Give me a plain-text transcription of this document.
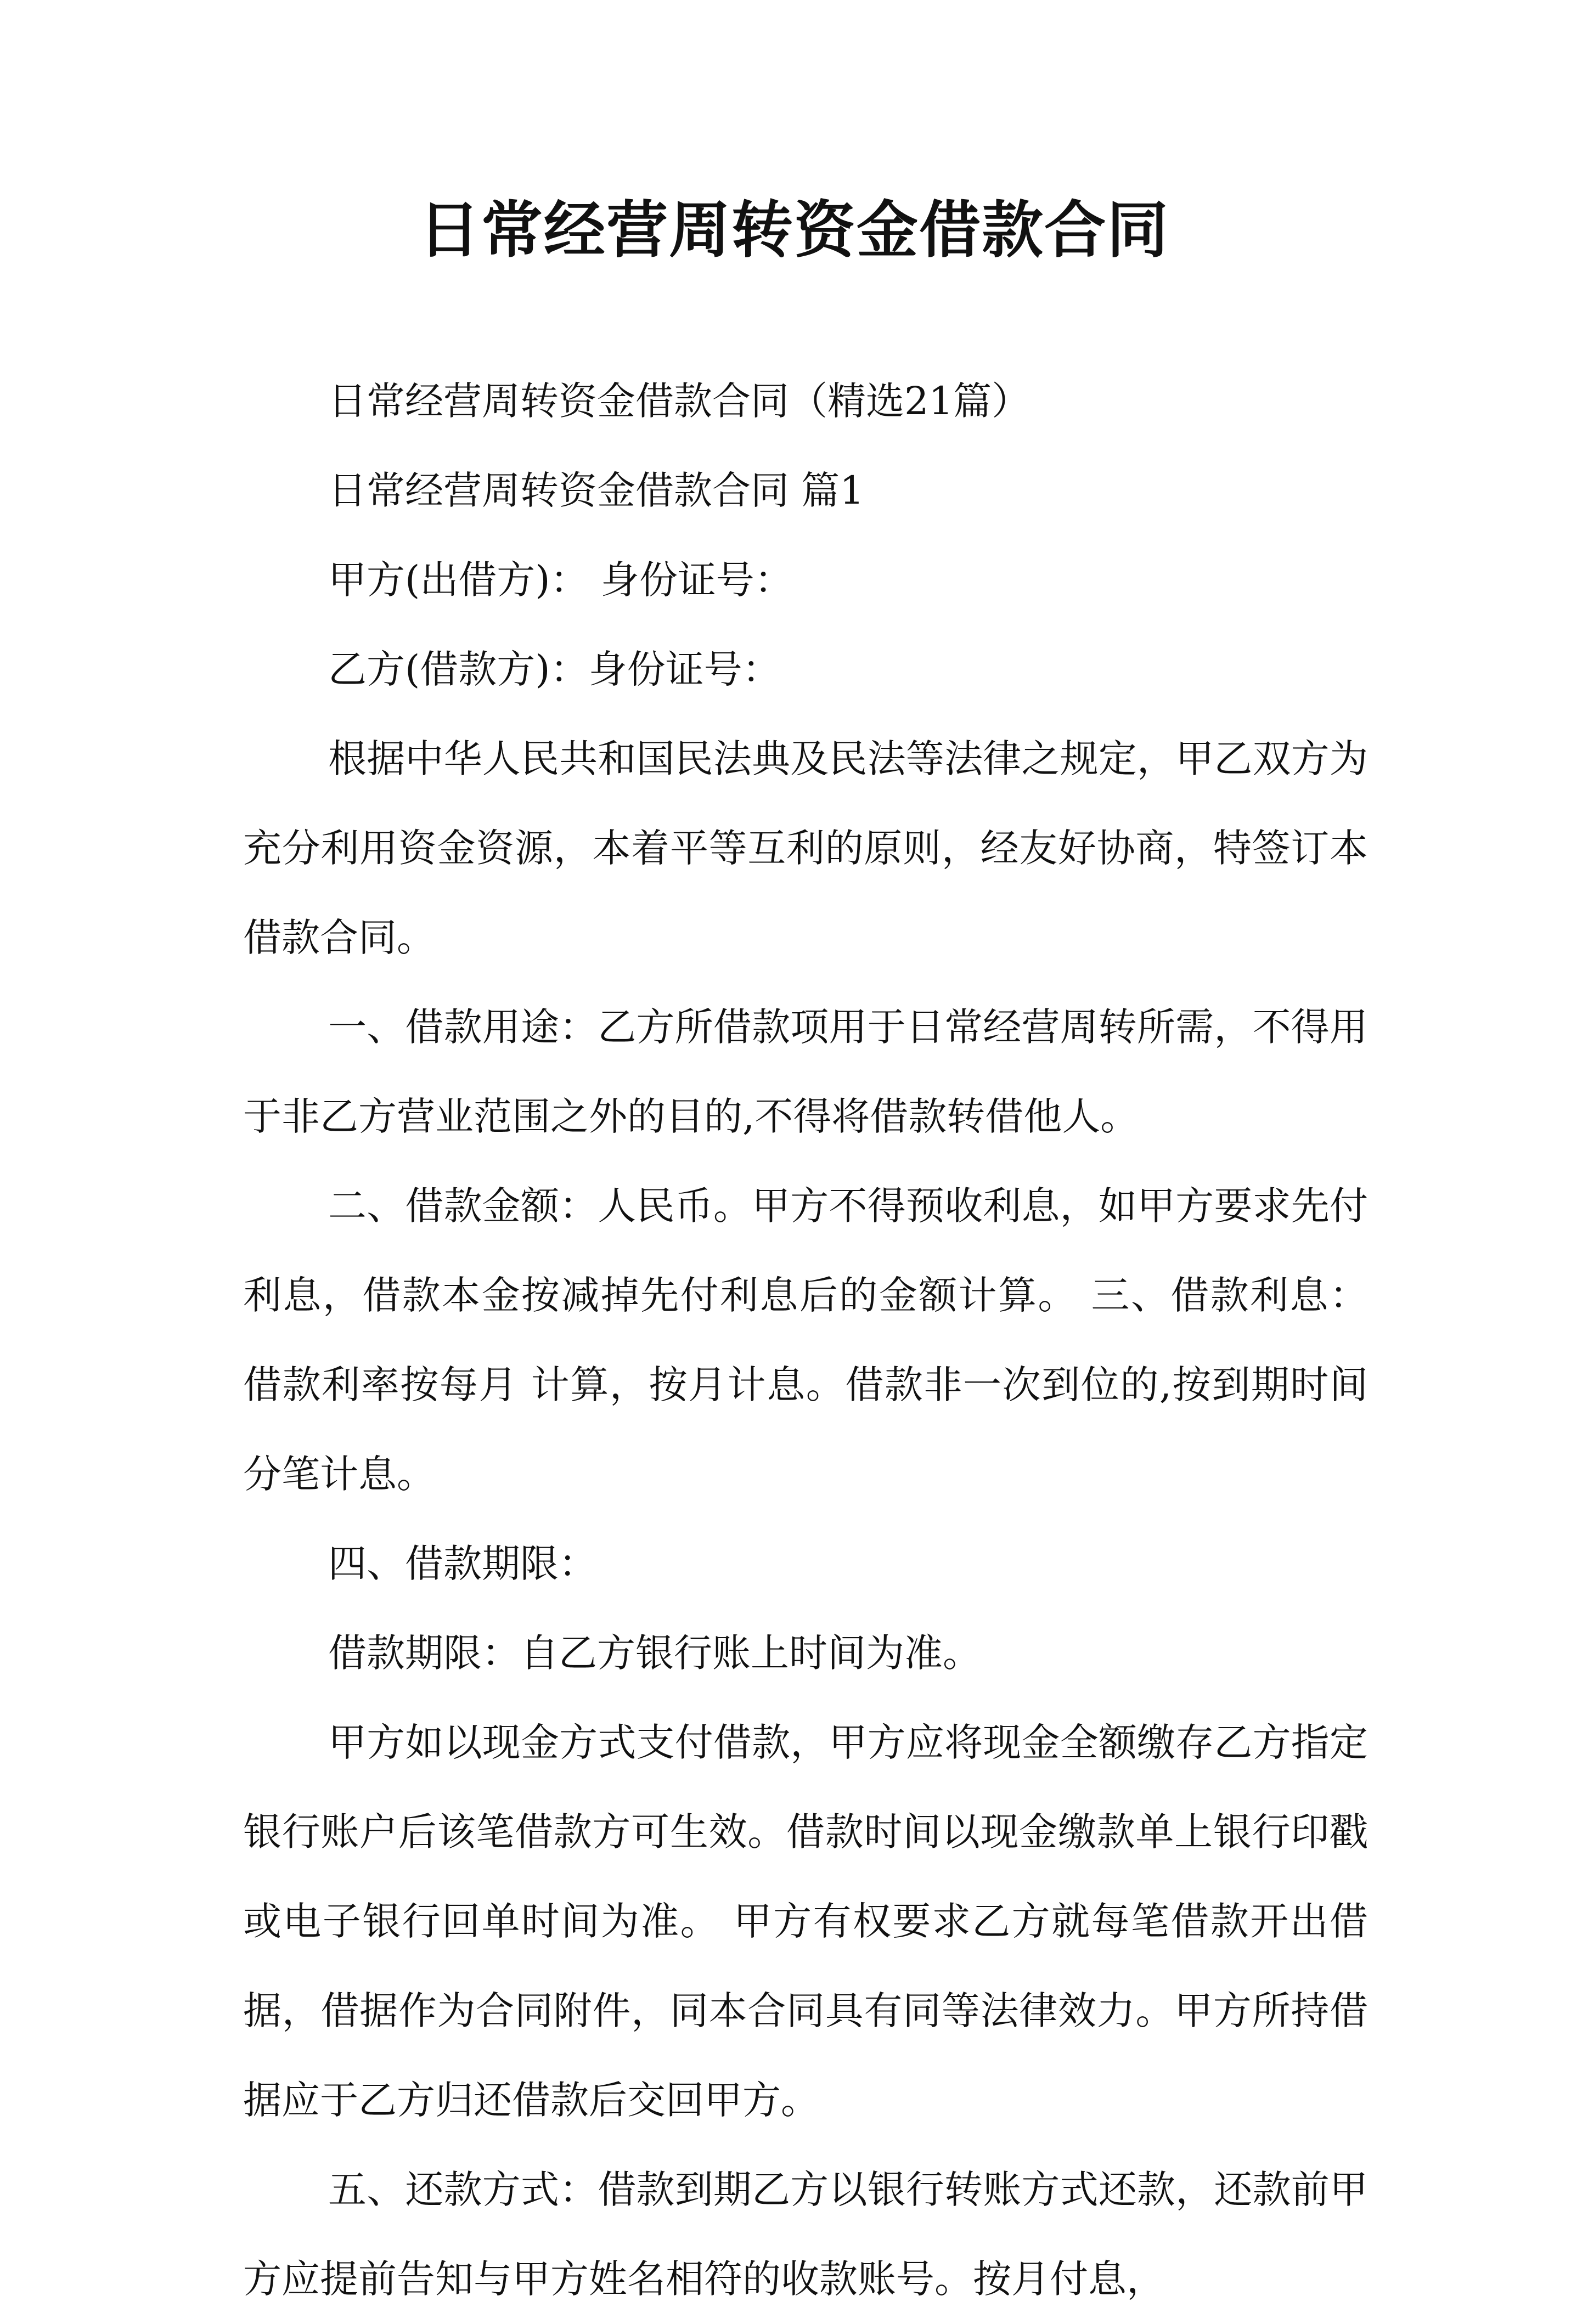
日常经营周转资金借款合同

日常经营周转资金借款合同（精选21篇）

日常经营周转资金借款合同 篇1

甲方(出借方)： 身份证号：

乙方(借款方)：身份证号：

根据中华人民共和国民法典及民法等法律之规定，甲乙双方为充分利用资金资源，本着平等互利的原则，经友好协商，特签订本借款合同。

一、借款用途：乙方所借款项用于日常经营周转所需，不得用于非乙方营业范围之外的目的,不得将借款转借他人。

二、借款金额：人民币。甲方不得预收利息，如甲方要求先付利息，借款本金按减掉先付利息后的金额计算。 三、借款利息：借款利率按每月 计算，按月计息。借款非一次到位的,按到期时间分笔计息。

四、借款期限：

借款期限：自乙方银行账上时间为准。

甲方如以现金方式支付借款，甲方应将现金全额缴存乙方指定银行账户后该笔借款方可生效。借款时间以现金缴款单上银行印戳或电子银行回单时间为准。 甲方有权要求乙方就每笔借款开出借据，借据作为合同附件，同本合同具有同等法律效力。甲方所持借据应于乙方归还借款后交回甲方。

五、还款方式：借款到期乙方以银行转账方式还款，还款前甲方应提前告知与甲方姓名相符的收款账号。按月付息，
